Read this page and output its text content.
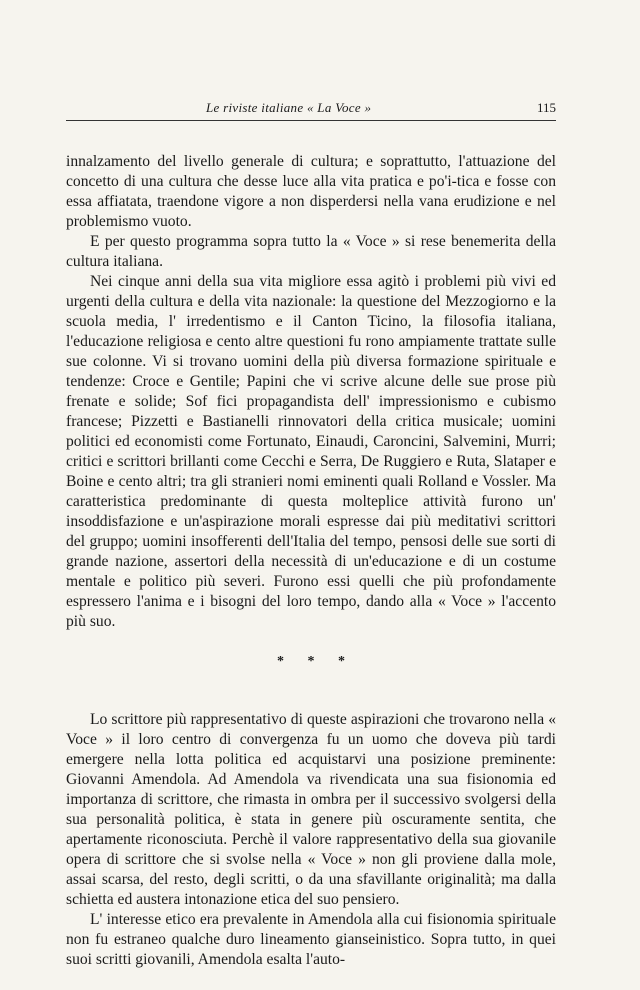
Le riviste italiane « La Voce »	115

innalzamento del livello generale di cultura; e soprattutto, l'attuazione del concetto di una cultura che desse luce alla vita pratica e po'i-tica e fosse con essa affiatata, traendone vigore a non disperdersi nella vana erudizione e nel problemismo vuoto.

E per questo programma sopra tutto la « Voce » si rese benemerita della cultura italiana.

Nei cinque anni della sua vita migliore essa agitò i problemi più vivi ed urgenti della cultura e della vita nazionale: la questione del Mezzogiorno e la scuola media, l' irredentismo e il Canton Ticino, la filosofia italiana, l'educazione religiosa e cento altre questioni fu rono ampiamente trattate sulle sue colonne. Vi si trovano uomini della più diversa formazione spirituale e tendenze: Croce e Gentile; Papini che vi scrive alcune delle sue prose più frenate e solide; Sof fici propagandista dell' impressionismo e cubismo francese; Pizzetti e Bastianelli rinnovatori della critica musicale; uomini politici ed economisti come Fortunato, Einaudi, Caroncini, Salvemini, Murri; critici e scrittori brillanti come Cecchi e Serra, De Ruggiero e Ruta, Slataper e Boine e cento altri; tra gli stranieri nomi eminenti quali Rolland e Vossler. Ma caratteristica predominante di questa molteplice attività furono un' insoddisfazione e un'aspirazione morali espresse dai più meditativi scrittori del gruppo; uomini insofferenti dell'Italia del tempo, pensosi delle sue sorti di grande nazione, assertori della necessità di un'educazione e di un costume mentale e politico più severi. Furono essi quelli che più profondamente espressero l'anima e i bisogni del loro tempo, dando alla « Voce » l'accento più suo.

* * *

Lo scrittore più rappresentativo di queste aspirazioni che trovarono nella « Voce » il loro centro di convergenza fu un uomo che doveva più tardi emergere nella lotta politica ed acquistarvi una posizione preminente: Giovanni Amendola. Ad Amendola va rivendicata una sua fisionomia ed importanza di scrittore, che rimasta in ombra per il successivo svolgersi della sua personalità politica, è stata in genere più oscuramente sentita, che apertamente riconosciuta. Perchè il valore rappresentativo della sua giovanile opera di scrittore che si svolse nella « Voce » non gli proviene dalla mole, assai scarsa, del resto, degli scritti, o da una sfavillante originalità; ma dalla schietta ed austera intonazione etica del suo pensiero.

L' interesse etico era prevalente in Amendola alla cui fisionomia spirituale non fu estraneo qualche duro lineamento gianseinistico. Sopra tutto, in quei suoi scritti giovanili, Amendola esalta l'auto-
